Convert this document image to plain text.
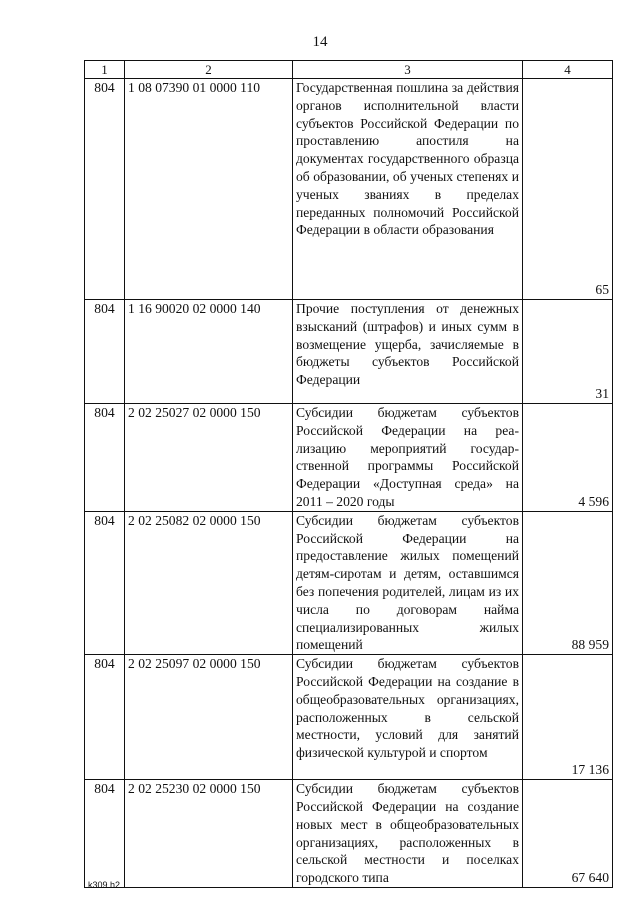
14
1	2	3	4
804	1 08 07390 01 0000 110	Государственная пошлина за действия органов исполнительной власти субъектов Российской Федерации по проставлению апостиля на документах государственного образца об образовании, об ученых степенях и ученых званиях в пределах переданных полномочий Российской Федерации в области образования	65
804	1 16 90020 02 0000 140	Прочие поступления от денежных взысканий (штрафов) и иных сумм в возмещение ущерба, зачисляемые в бюджеты субъектов Российской Федерации	31
804	2 02 25027 02 0000 150	Субсидии бюджетам субъектов Российской Федерации на реализацию мероприятий государственной программы Российской Федерации «Доступная среда» на 2011 – 2020 годы	4 596
804	2 02 25082 02 0000 150	Субсидии бюджетам субъектов Российской Федерации на предоставление жилых помещений детям-сиротам и детям, оставшимся без попечения родителей, лицам из их числа по договорам найма специализированных жилых помещений	88 959
804	2 02 25097 02 0000 150	Субсидии бюджетам субъектов Российской Федерации на создание в общеобразовательных организациях, расположенных в сельской местности, условий для занятий физической культурой и спортом	17 136
804	2 02 25230 02 0000 150	Субсидии бюджетам субъектов Российской Федерации на создание новых мест в общеобразовательных организациях, расположенных в сельской местности и поселках городского типа	67 640
k309 h2
